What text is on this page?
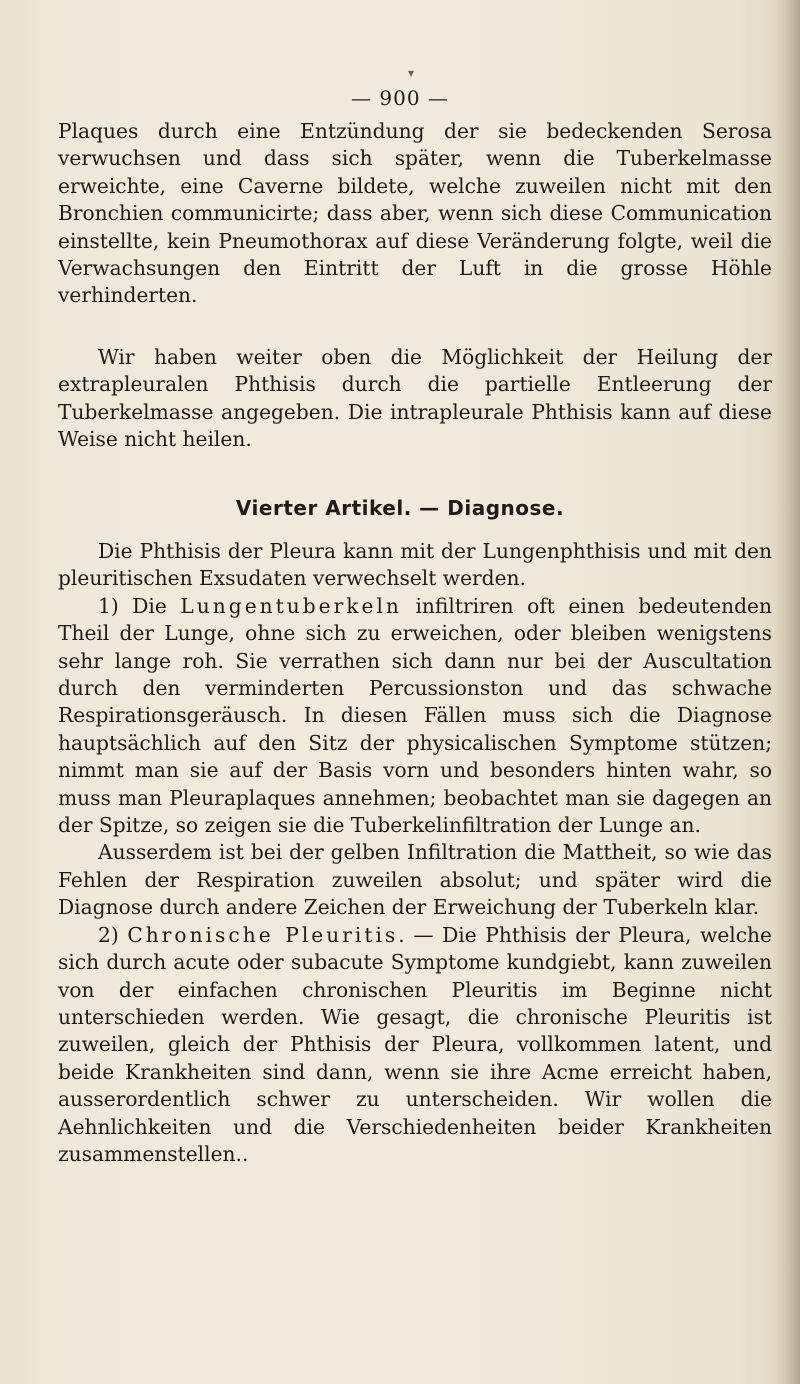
▾
— 900 —

Plaques durch eine Entzündung der sie bedeckenden Serosa verwuchsen und dass sich später, wenn die Tuberkelmasse erweichte, eine Caverne bildete, welche zuweilen nicht mit den Bronchien communicirte; dass aber, wenn sich diese Communication einstellte, kein Pneumothorax auf diese Veränderung folgte, weil die Verwachsungen den Eintritt der Luft in die grosse Höhle verhinderten.

Wir haben weiter oben die Möglichkeit der Heilung der extrapleuralen Phthisis durch die partielle Entleerung der Tuberkelmasse angegeben. Die intrapleurale Phthisis kann auf diese Weise nicht heilen.

Vierter Artikel. — Diagnose.

Die Phthisis der Pleura kann mit der Lungenphthisis und mit den pleuritischen Exsudaten verwechselt werden.

1) Die Lungentuberkeln infiltriren oft einen bedeutenden Theil der Lunge, ohne sich zu erweichen, oder bleiben wenigstens sehr lange roh. Sie verrathen sich dann nur bei der Auscultation durch den verminderten Percussionston und das schwache Respirationsgeräusch. In diesen Fällen muss sich die Diagnose hauptsächlich auf den Sitz der physicalischen Symptome stützen; nimmt man sie auf der Basis vorn und besonders hinten wahr, so muss man Pleuraplaques annehmen; beobachtet man sie dagegen an der Spitze, so zeigen sie die Tuberkelinfiltration der Lunge an.

Ausserdem ist bei der gelben Infiltration die Mattheit, so wie das Fehlen der Respiration zuweilen absolut; und später wird die Diagnose durch andere Zeichen der Erweichung der Tuberkeln klar.

2) Chronische Pleuritis. — Die Phthisis der Pleura, welche sich durch acute oder subacute Symptome kundgiebt, kann zuweilen von der einfachen chronischen Pleuritis im Beginne nicht unterschieden werden. Wie gesagt, die chronische Pleuritis ist zuweilen, gleich der Phthisis der Pleura, vollkommen latent, und beide Krankheiten sind dann, wenn sie ihre Acme erreicht haben, ausserordentlich schwer zu unterscheiden. Wir wollen die Aehnlichkeiten und die Verschiedenheiten beider Krankheiten zusammenstellen..
